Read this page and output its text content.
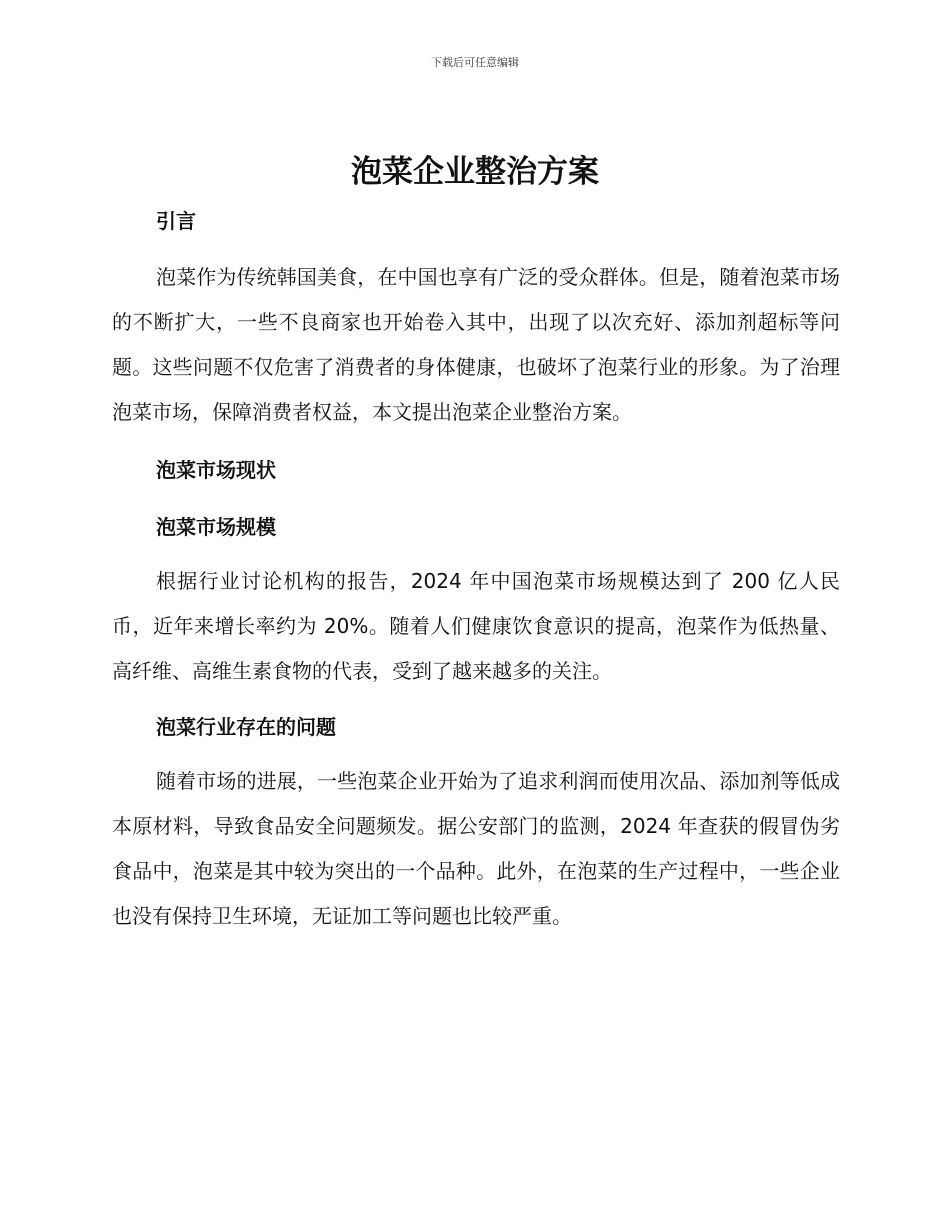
下载后可任意编辑
泡菜企业整治方案
引言

泡菜作为传统韩国美食，在中国也享有广泛的受众群体。但是，随着泡菜市场的不断扩大，一些不良商家也开始卷入其中，出现了以次充好、添加剂超标等问题。这些问题不仅危害了消费者的身体健康，也破坏了泡菜行业的形象。为了治理泡菜市场，保障消费者权益，本文提出泡菜企业整治方案。

泡菜市场现状
泡菜市场规模

根据行业讨论机构的报告，2024 年中国泡菜市场规模达到了 200 亿人民币，近年来增长率约为 20%。随着人们健康饮食意识的提高，泡菜作为低热量、高纤维、高维生素食物的代表，受到了越来越多的关注。

泡菜行业存在的问题

随着市场的进展，一些泡菜企业开始为了追求利润而使用次品、添加剂等低成本原材料，导致食品安全问题频发。据公安部门的监测，2024 年查获的假冒伪劣食品中，泡菜是其中较为突出的一个品种。此外，在泡菜的生产过程中，一些企业也没有保持卫生环境，无证加工等问题也比较严重。
